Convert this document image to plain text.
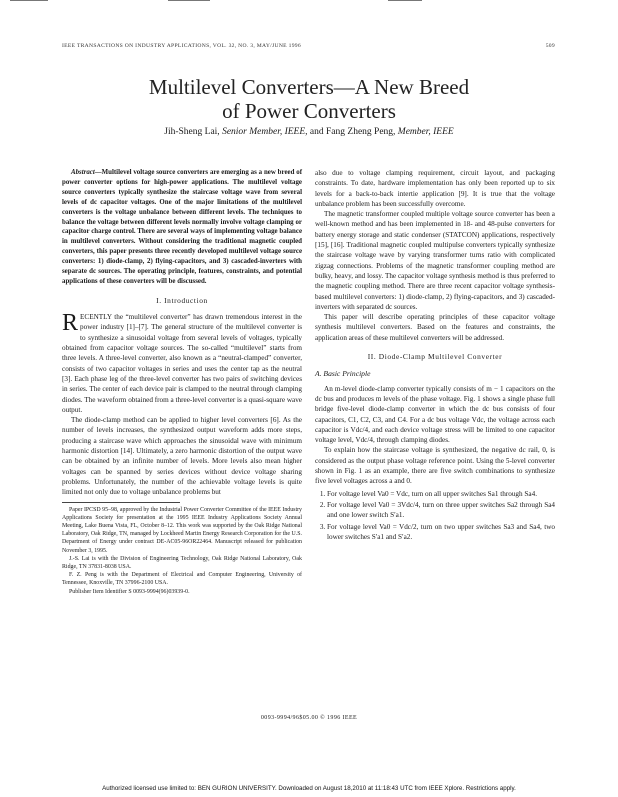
IEEE TRANSACTIONS ON INDUSTRY APPLICATIONS, VOL. 32, NO. 3, MAY/JUNE 1996	509
Multilevel Converters—A New Breed
of Power Converters
Jih-Sheng Lai, Senior Member, IEEE, and Fang Zheng Peng, Member, IEEE

Abstract—Multilevel voltage source converters are emerging as a new breed of power converter options for high-power applications. The multilevel voltage source converters typically synthesize the staircase voltage wave from several levels of dc capacitor voltages. One of the major limitations of the multilevel converters is the voltage unbalance between different levels. The techniques to balance the voltage between different levels normally involve voltage clamping or capacitor charge control. There are several ways of implementing voltage balance in multilevel converters. Without considering the traditional magnetic coupled converters, this paper presents three recently developed multilevel voltage source converters: 1) diode-clamp, 2) flying-capacitors, and 3) cascaded-inverters with separate dc sources. The operating principle, features, constraints, and potential applications of these converters will be discussed.

I. Introduction

RECENTLY the “multilevel converter” has drawn tremendous interest in the power industry [1]–[7]. The general structure of the multilevel converter is to synthesize a sinusoidal voltage from several levels of voltages, typically obtained from capacitor voltage sources. The so-called “multilevel” starts from three levels. A three-level converter, also known as a “neutral-clamped” converter, consists of two capacitor voltages in series and uses the center tap as the neutral [3]. Each phase leg of the three-level converter has two pairs of switching devices in series. The center of each device pair is clamped to the neutral through clamping diodes. The waveform obtained from a three-level converter is a quasi-square wave output.

The diode-clamp method can be applied to higher level converters [6]. As the number of levels increases, the synthesized output waveform adds more steps, producing a staircase wave which approaches the sinusoidal wave with minimum harmonic distortion [14]. Ultimately, a zero harmonic distortion of the output wave can be obtained by an infinite number of levels. More levels also mean higher voltages can be spanned by series devices without device voltage sharing problems. Unfortunately, the number of the achievable voltage levels is quite limited not only due to voltage unbalance problems but

Paper IPCSD 95–98, approved by the Industrial Power Converter Committee of the IEEE Industry Applications Society for presentation at the 1995 IEEE Industry Applications Society Annual Meeting, Lake Buena Vista, FL, October 8–12. This work was supported by the Oak Ridge National Laboratory, Oak Ridge, TN, managed by Lockheed Martin Energy Research Corporation for the U.S. Department of Energy under contract DE-AC05-96OR22464. Manuscript released for publication November 3, 1995.

J.-S. Lai is with the Division of Engineering Technology, Oak Ridge National Laboratory, Oak Ridge, TN 37831-8038 USA.

F. Z. Peng is with the Department of Electrical and Computer Engineering, University of Tennessee, Knoxville, TN 37996-2100 USA.

Publisher Item Identifier S 0093-9994(96)03939-0.

also due to voltage clamping requirement, circuit layout, and packaging constraints. To date, hardware implementation has only been reported up to six levels for a back-to-back intertie application [9]. It is true that the voltage unbalance problem has been successfully overcome.

The magnetic transformer coupled multiple voltage source converter has been a well-known method and has been implemented in 18- and 48-pulse converters for battery energy storage and static condenser (STATCON) applications, respectively [15], [16]. Traditional magnetic coupled multipulse converters typically synthesize the staircase voltage wave by varying transformer turns ratio with complicated zigzag connections. Problems of the magnetic transformer coupling method are bulky, heavy, and lossy. The capacitor voltage synthesis method is thus preferred to the magnetic coupling method. There are three recent capacitor voltage synthesis-based multilevel converters: 1) diode-clamp, 2) flying-capacitors, and 3) cascaded-inverters with separated dc sources.

This paper will describe operating principles of these capacitor voltage synthesis multilevel converters. Based on the features and constraints, the application areas of these multilevel converters will be addressed.

II. Diode-Clamp Multilevel Converter
A. Basic Principle

An m-level diode-clamp converter typically consists of m − 1 capacitors on the dc bus and produces m levels of the phase voltage. Fig. 1 shows a single phase full bridge five-level diode-clamp converter in which the dc bus consists of four capacitors, C1, C2, C3, and C4. For a dc bus voltage Vdc, the voltage across each capacitor is Vdc/4, and each device voltage stress will be limited to one capacitor voltage level, Vdc/4, through clamping diodes.

To explain how the staircase voltage is synthesized, the negative dc rail, 0, is considered as the output phase voltage reference point. Using the 5-level converter shown in Fig. 1 as an example, there are five switch combinations to synthesize five level voltages across a and 0.

1. For voltage level Va0 = Vdc, turn on all upper switches Sa1 through Sa4.
2. For voltage level Va0 = 3Vdc/4, turn on three upper switches Sa2 through Sa4 and one lower switch S′a1.
3. For voltage level Va0 = Vdc/2, turn on two upper switches Sa3 and Sa4, two lower switches S′a1 and S′a2.
0093-9994/96$05.00 © 1996 IEEE
Authorized licensed use limited to: BEN GURION UNIVERSITY. Downloaded on August 18,2010 at 11:18:43 UTC from IEEE Xplore. Restrictions apply.
